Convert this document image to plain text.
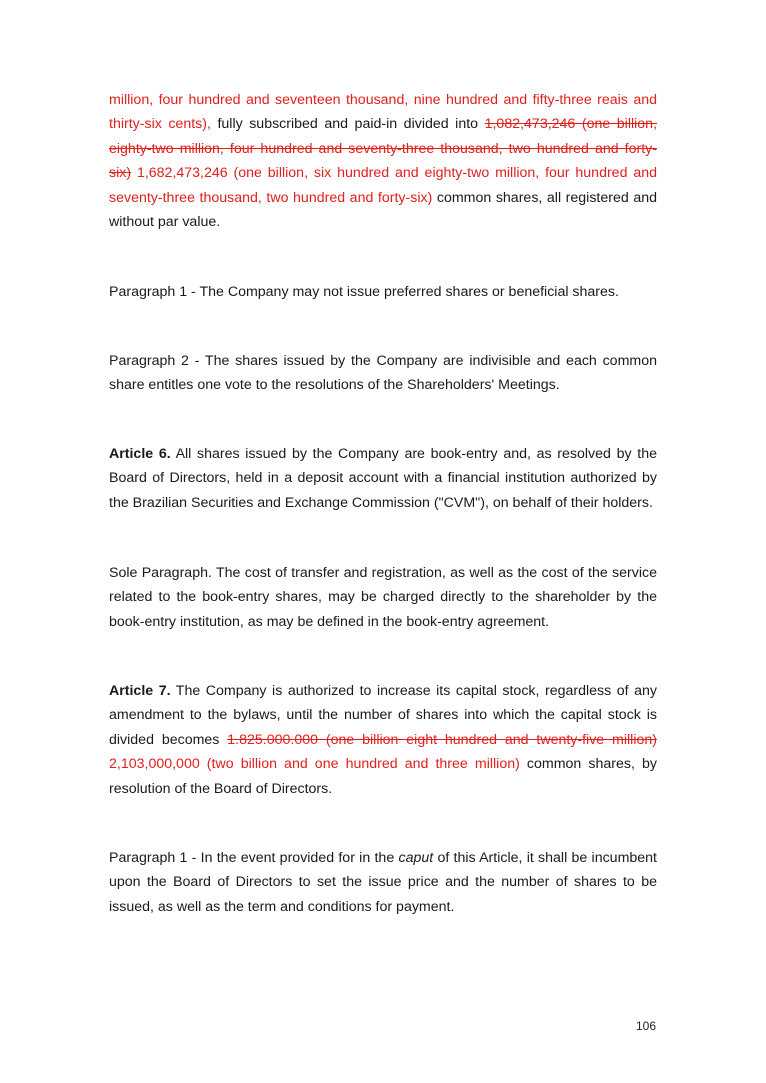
million, four hundred and seventeen thousand, nine hundred and fifty-three reais and thirty-six cents), fully subscribed and paid-in divided into 1,082,473,246 (one billion, eighty-two million, four hundred and seventy-three thousand, two hundred and forty-six) 1,682,473,246 (one billion, six hundred and eighty-two million, four hundred and seventy-three thousand, two hundred and forty-six) common shares, all registered and without par value.

Paragraph 1 - The Company may not issue preferred shares or beneficial shares.

Paragraph 2 - The shares issued by the Company are indivisible and each common share entitles one vote to the resolutions of the Shareholders' Meetings.

Article 6. All shares issued by the Company are book-entry and, as resolved by the Board of Directors, held in a deposit account with a financial institution authorized by the Brazilian Securities and Exchange Commission ("CVM"), on behalf of their holders.

Sole Paragraph. The cost of transfer and registration, as well as the cost of the service related to the book-entry shares, may be charged directly to the shareholder by the book-entry institution, as may be defined in the book-entry agreement.

Article 7. The Company is authorized to increase its capital stock, regardless of any amendment to the bylaws, until the number of shares into which the capital stock is divided becomes 1.825.000.000 (one billion eight hundred and twenty-five million) 2,103,000,000 (two billion and one hundred and three million) common shares, by resolution of the Board of Directors.

Paragraph 1 - In the event provided for in the caput of this Article, it shall be incumbent upon the Board of Directors to set the issue price and the number of shares to be issued, as well as the term and conditions for payment.

106
